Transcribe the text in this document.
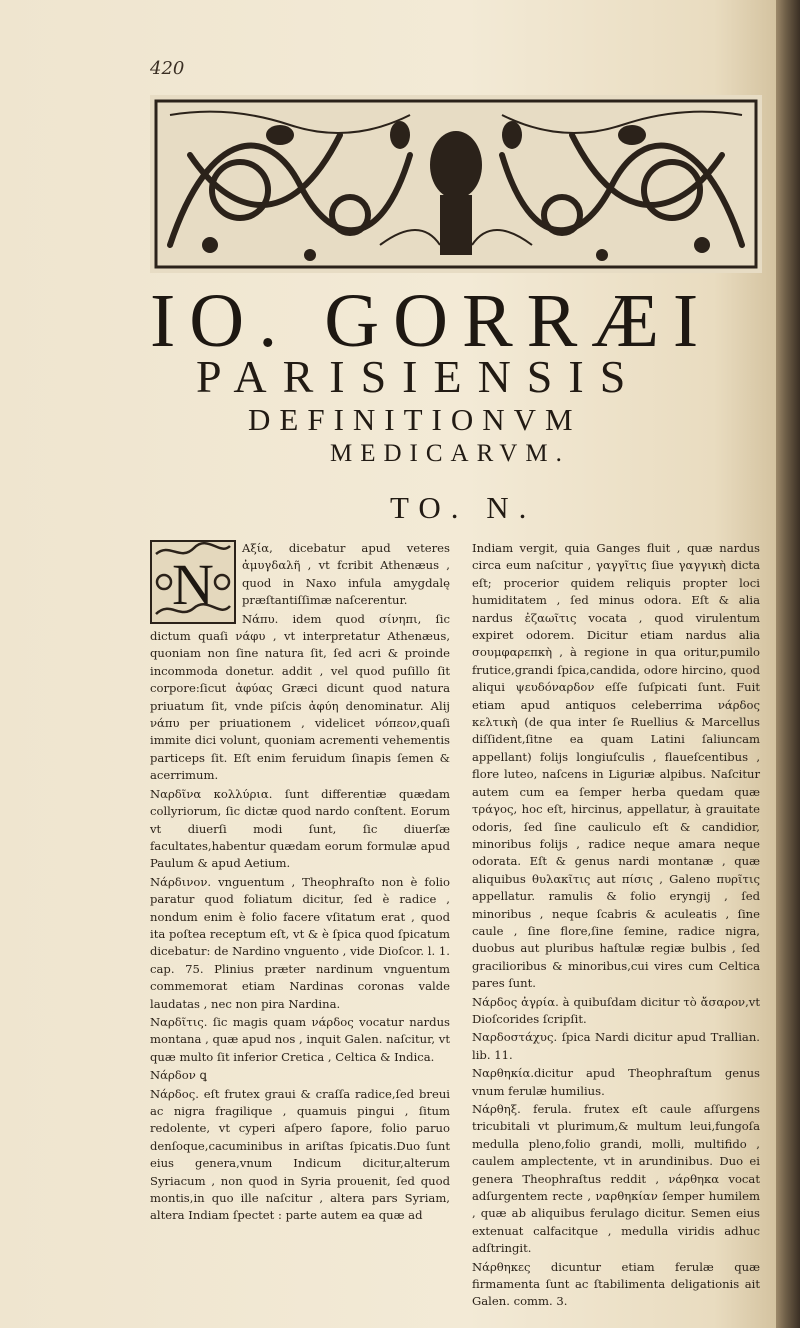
420
IO. GORRÆI
PARISIENSIS
DEFINITIONVM
MEDICARVM.
TO. N.
N

Αξία, dicebatur apud veteres ἀμυγδαλῆ , vt fcribit Athenæus , quod in Naxo infula amygdalę præſtantiſſimæ naſcerentur.

Νάπυ. idem quod σίνηπι, ſic dictum quaſi νάφυ , vt interpretatur Athenæus, quoniam non ſine natura ſit, ſed acri & proinde incommoda donetur. addit , vel quod puſillo ſit corpore:ſicut ἀφύας Græci dicunt quod natura priuatum ſit, vnde piſcis ἀφύη denominatur. Alij νάπυ per priuationem , videlicet νόπεον,quaſi immite dici volunt, quoniam acrementi vehementis particeps ſit. Eſt enim feruidum ſinapis ſemen & acerrimum.

Ναρδῖνα κολλύρια. ſunt differentiæ quædam collyriorum, ſic dictæ quod nardo conſtent. Eorum vt diuerſi modi ſunt, ſic diuerſæ facultates,habentur quædam eorum formulæ apud Paulum & apud Aetium.

Νάρδινον. vnguentum , Theophraſto non è folio paratur quod foliatum dicitur, ſed è radice , nondum enim è folio facere vſitatum erat , quod ita poſtea receptum eſt, vt & è ſpica quod ſpicatum dicebatur: de Nardino vnguento , vide Dioſcor. l. 1. cap. 75. Plinius præter nardinum vnguentum commemorat etiam Nardinas coronas valde laudatas , nec non pira Nardina.

Ναρδῖτις. ſic magis quam νάρδος vocatur nardus montana , quæ apud nos , inquit Galen. naſcitur, vt quæ multo ſit inferior Cretica , Celtica & Indica.

Νάρδον ꝗ

Νάρδος. eſt frutex graui & craſſa radice,ſed breui ac nigra fragilique , quamuis pingui , ſitum redolente, vt cyperi aſpero ſapore, folio paruo denſoque,cacuminibus in ariſtas ſpicatis.Duo ſunt eius genera,vnum Indicum dicitur,alterum Syriacum , non quod in Syria prouenit, ſed quod montis,in quo ille naſcitur , altera pars Syriam, altera Indiam ſpectet : parte autem ea quæ ad

Indiam vergit, quia Ganges fluit , quæ nardus circa eum naſcitur , γαγγῖτις ſiue γαγγικὴ dicta eſt; procerior quidem reliquis propter loci humiditatem , ſed minus odora. Eſt & alia nardus ἐζαωῖτις vocata , quod virulentum expiret odorem. Dicitur etiam nardus alia σουμφαρεπκὴ , à regione in qua oritur,pumilo frutice,grandi ſpica,candida, odore hircino, quod aliqui ψευδόναρδον eſſe ſuſpicati ſunt. Fuit etiam apud antiquos celeberrima νάρδος κελτικὴ (de qua inter ſe Ruellius & Marcellus diſſident,ſitne ea quam Latini ſaliuncam appellant) folijs longiuſculis , flaueſcentibus , flore luteo, naſcens in Liguriæ alpibus. Naſcitur autem cum ea ſemper herba quedam quæ τράγος, hoc eſt, hircinus, appellatur, à grauitate odoris, ſed ſine cauliculo eſt & candidior, minoribus folijs , radice neque amara neque odorata. Eſt & genus nardi montanæ , quæ aliquibus θυλακῖτις aut πίσις , Galeno πυρῖτις appellatur. ramulis & folio eryngij , ſed minoribus , neque ſcabris & aculeatis , ſine caule , ſine flore,ſine ſemine, radice nigra, duobus aut pluribus haſtulæ regiæ bulbis , ſed gracilioribus & minoribus,cui vires cum Celtica pares ſunt.

Νάρδος ἀγρία. à quibuſdam dicitur τὸ ἄσαρον,vt Dioſcorides ſcripſit.

Ναρδοστάχυς. ſpica Nardi dicitur apud Trallian. lib. 11.

Ναρθηκία.dicitur apud Theophraſtum genus vnum ferulæ humilius.

Νάρθηξ. ferula. frutex eſt caule aſſurgens tricubitali vt plurimum,& multum leui,fungoſa medulla pleno,folio grandi, molli, multifido , caulem amplectente, vt in arundinibus. Duo ei genera Theophraſtus reddit , νάρθηκα vocat adſurgentem recte , ναρθηκίαν ſemper humilem , quæ ab aliquibus ferulago dicitur. Semen eius extenuat calfacitque , medulla viridis adhuc adſtringit.

Νάρθηκες dicuntur etiam ferulæ quæ firmamenta ſunt ac ſtabilimenta deligationis ait Galen. comm. 3.
